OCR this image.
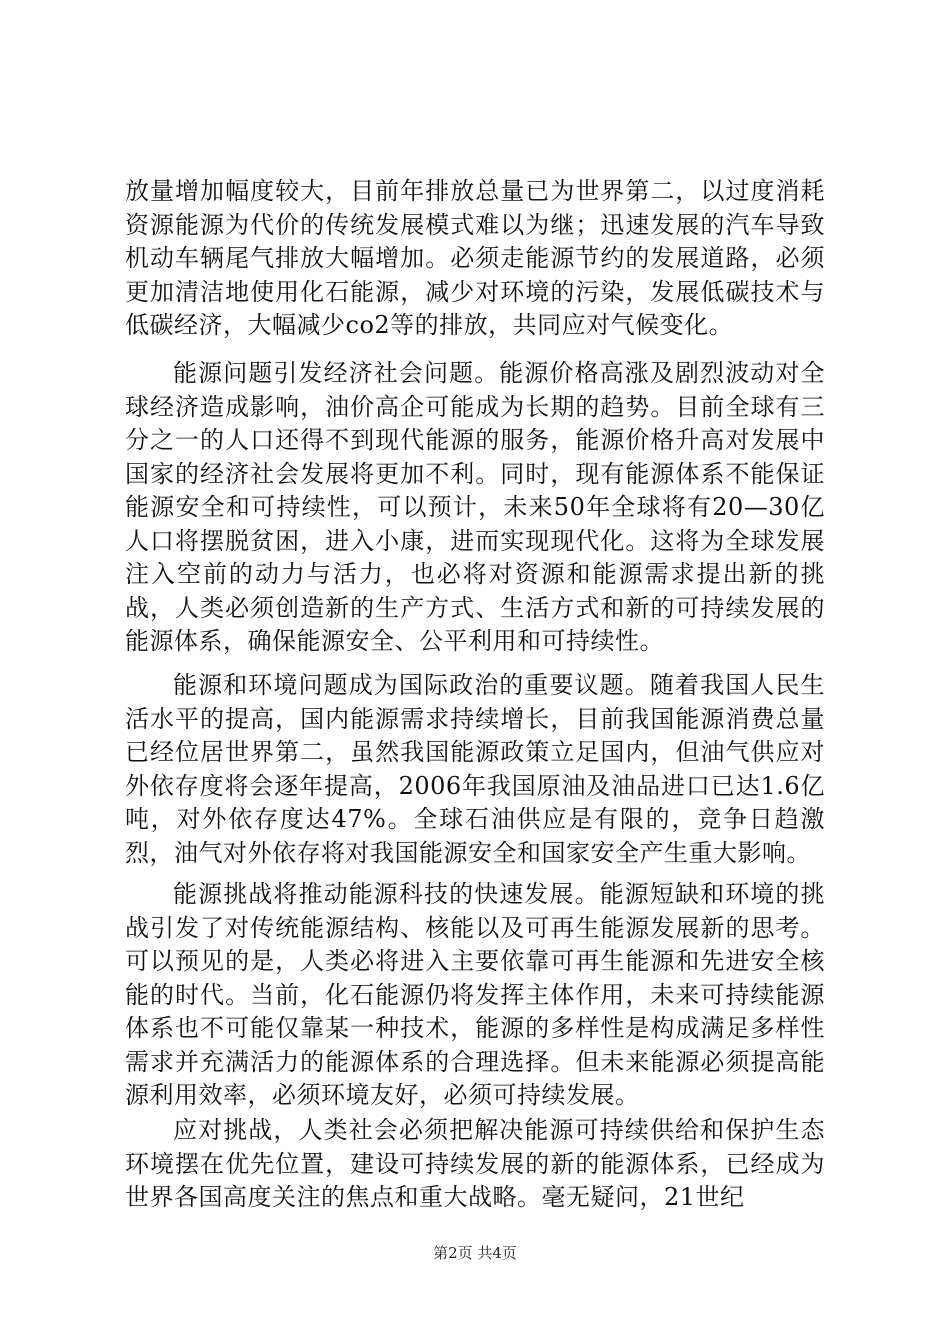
放量增加幅度较大，目前年排放总量已为世界第二，以过度消耗资源能源为代价的传统发展模式难以为继；迅速发展的汽车导致机动车辆尾气排放大幅增加。必须走能源节约的发展道路，必须更加清洁地使用化石能源，减少对环境的污染，发展低碳技术与低碳经济，大幅减少co2等的排放，共同应对气候变化。

能源问题引发经济社会问题。能源价格高涨及剧烈波动对全球经济造成影响，油价高企可能成为长期的趋势。目前全球有三分之一的人口还得不到现代能源的服务，能源价格升高对发展中国家的经济社会发展将更加不利。同时，现有能源体系不能保证能源安全和可持续性，可以预计，未来50年全球将有20—30亿人口将摆脱贫困，进入小康，进而实现现代化。这将为全球发展注入空前的动力与活力，也必将对资源和能源需求提出新的挑战，人类必须创造新的生产方式、生活方式和新的可持续发展的能源体系，确保能源安全、公平利用和可持续性。

能源和环境问题成为国际政治的重要议题。随着我国人民生活水平的提高，国内能源需求持续增长，目前我国能源消费总量已经位居世界第二，虽然我国能源政策立足国内，但油气供应对外依存度将会逐年提高，2006年我国原油及油品进口已达1.6亿吨，对外依存度达47%。全球石油供应是有限的，竞争日趋激烈，油气对外依存将对我国能源安全和国家安全产生重大影响。

能源挑战将推动能源科技的快速发展。能源短缺和环境的挑战引发了对传统能源结构、核能以及可再生能源发展新的思考。可以预见的是，人类必将进入主要依靠可再生能源和先进安全核能的时代。当前，化石能源仍将发挥主体作用，未来可持续能源体系也不可能仅靠某一种技术，能源的多样性是构成满足多样性需求并充满活力的能源体系的合理选择。但未来能源必须提高能源利用效率，必须环境友好，必须可持续发展。

应对挑战，人类社会必须把解决能源可持续供给和保护生态环境摆在优先位置，建设可持续发展的新的能源体系，已经成为世界各国高度关注的焦点和重大战略。毫无疑问，21世纪

第2页 共4页
